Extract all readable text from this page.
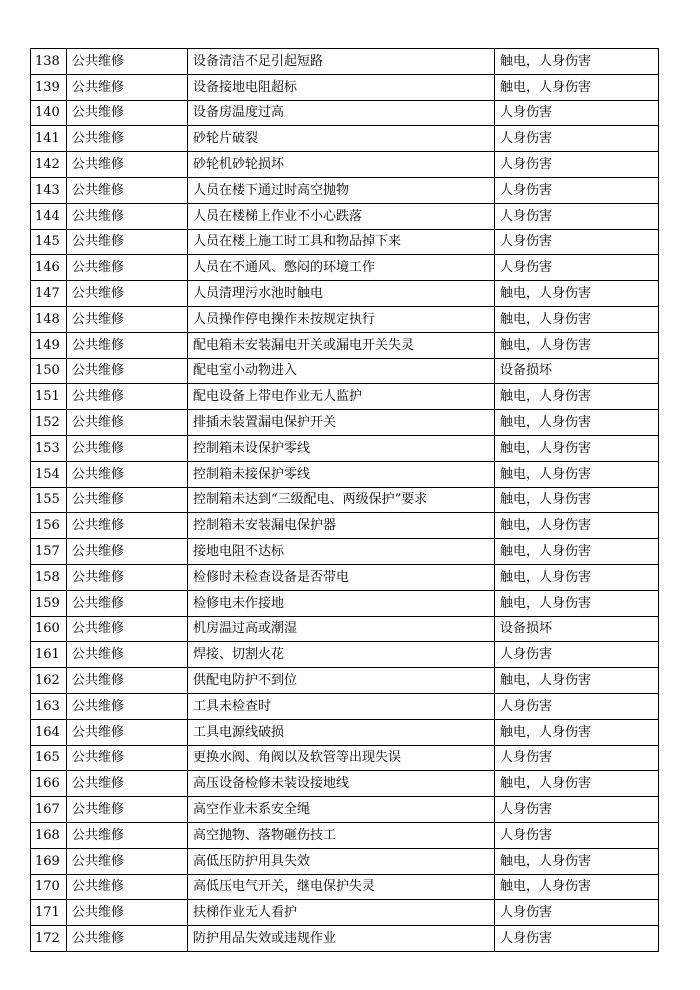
138	公共维修	设备清洁不足引起短路	触电，人身伤害
139	公共维修	设备接地电阻超标	触电，人身伤害
140	公共维修	设备房温度过高	人身伤害
141	公共维修	砂轮片破裂	人身伤害
142	公共维修	砂轮机砂轮损坏	人身伤害
143	公共维修	人员在楼下通过时高空抛物	人身伤害
144	公共维修	人员在楼梯上作业不小心跌落	人身伤害
145	公共维修	人员在楼上施工时工具和物品掉下来	人身伤害
146	公共维修	人员在不通风、憋闷的环境工作	人身伤害
147	公共维修	人员清理污水池时触电	触电，人身伤害
148	公共维修	人员操作停电操作未按规定执行	触电，人身伤害
149	公共维修	配电箱未安装漏电开关或漏电开关失灵	触电，人身伤害
150	公共维修	配电室小动物进入	设备损坏
151	公共维修	配电设备上带电作业无人监护	触电，人身伤害
152	公共维修	排插未装置漏电保护开关	触电，人身伤害
153	公共维修	控制箱未设保护零线	触电，人身伤害
154	公共维修	控制箱未接保护零线	触电，人身伤害
155	公共维修	控制箱未达到“三级配电、两级保护”要求	触电，人身伤害
156	公共维修	控制箱未安装漏电保护器	触电，人身伤害
157	公共维修	接地电阻不达标	触电，人身伤害
158	公共维修	检修时未检查设备是否带电	触电，人身伤害
159	公共维修	检修电未作接地	触电，人身伤害
160	公共维修	机房温过高或潮湿	设备损坏
161	公共维修	焊接、切割火花	人身伤害
162	公共维修	供配电防护不到位	触电，人身伤害
163	公共维修	工具未检查时	人身伤害
164	公共维修	工具电源线破损	触电，人身伤害
165	公共维修	更换水阀、角阀以及软管等出现失误	人身伤害
166	公共维修	高压设备检修未装设接地线	触电，人身伤害
167	公共维修	高空作业未系安全绳	人身伤害
168	公共维修	高空抛物、落物砸伤技工	人身伤害
169	公共维修	高低压防护用具失效	触电，人身伤害
170	公共维修	高低压电气开关，继电保护失灵	触电，人身伤害
171	公共维修	扶梯作业无人看护	人身伤害
172	公共维修	防护用品失效或违规作业	人身伤害
